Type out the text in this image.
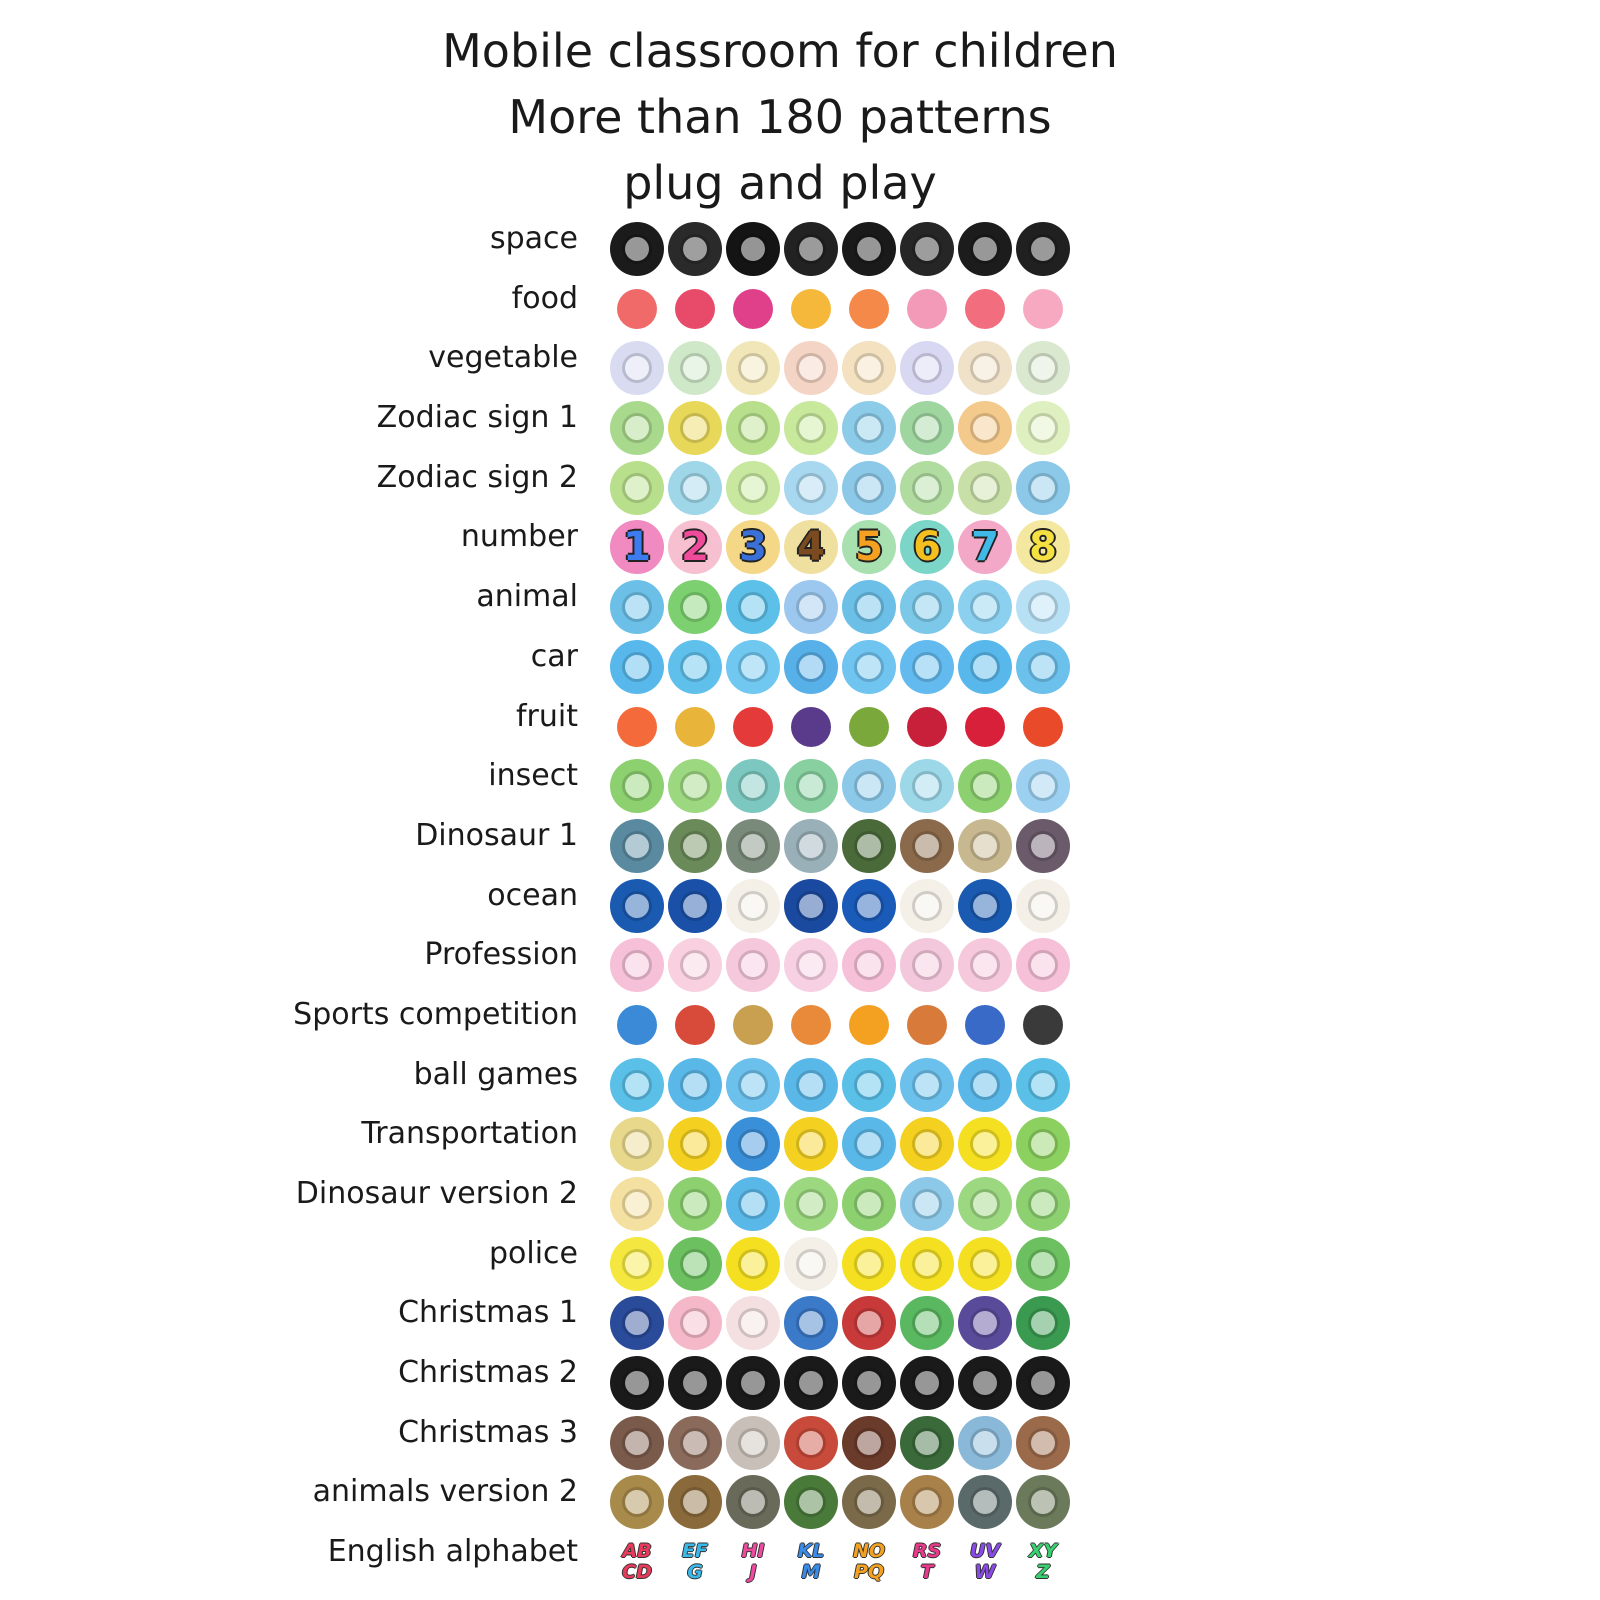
Mobile classroom for children
More than 180 patterns
plug and play
space
food
vegetable
Zodiac sign 1
Zodiac sign 2
number 1 2 3 4 5 6 7 8
animal
car
fruit
insect
Dinosaur 1
ocean
Profession
Sports competition
ball games
Transportation
Dinosaur version 2
police
Christmas 1
Christmas 2
Christmas 3
animals version 2
English alphabet AB
CD
EF
G
HI
J
KL
M
NO
PQ
RS
T
UV
W
XY
Z
